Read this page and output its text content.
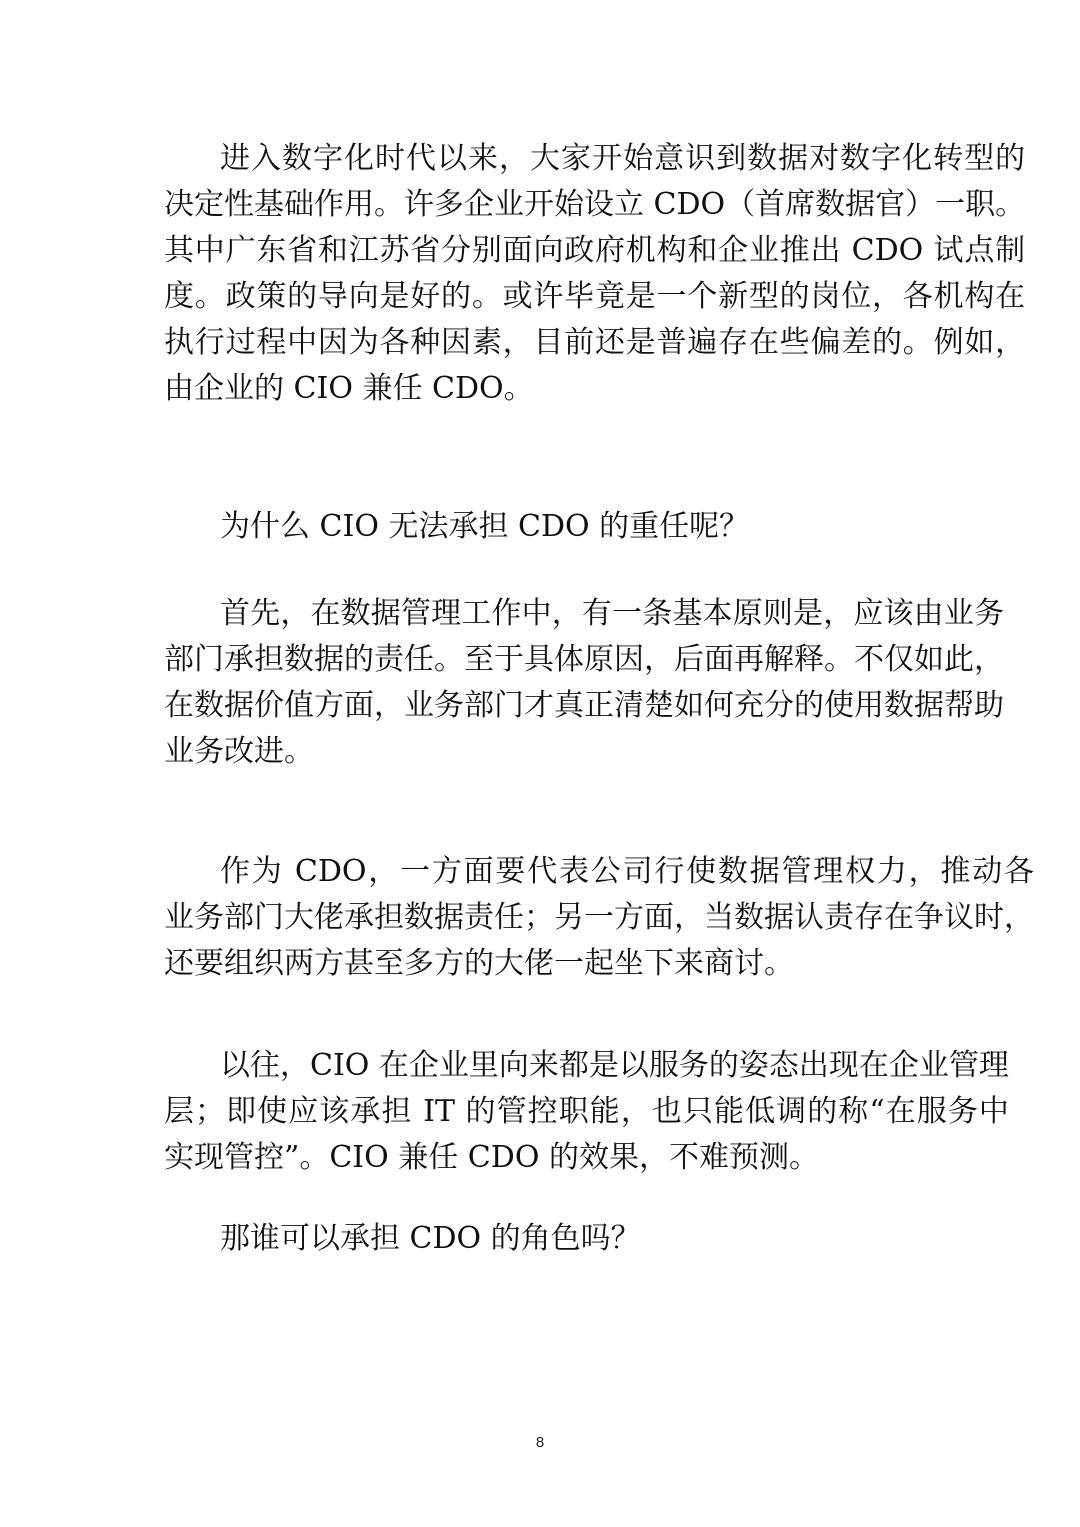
进入数字化时代以来，大家开始意识到数据对数字化转型的
决定性基础作用。许多企业开始设立 CDO（首席数据官）一职。
其中广东省和江苏省分别面向政府机构和企业推出 CDO 试点制
度。政策的导向是好的。或许毕竟是一个新型的岗位，各机构在
执行过程中因为各种因素，目前还是普遍存在些偏差的。例如，
由企业的 CIO 兼任 CDO。

为什么 CIO 无法承担 CDO 的重任呢？

首先，在数据管理工作中，有一条基本原则是，应该由业务
部门承担数据的责任。至于具体原因，后面再解释。不仅如此，
在数据价值方面，业务部门才真正清楚如何充分的使用数据帮助
业务改进。

作为 CDO，一方面要代表公司行使数据管理权力，推动各
业务部门大佬承担数据责任；另一方面，当数据认责存在争议时，
还要组织两方甚至多方的大佬一起坐下来商讨。

以往，CIO 在企业里向来都是以服务的姿态出现在企业管理
层；即使应该承担 IT 的管控职能，也只能低调的称“在服务中
实现管控”。CIO 兼任 CDO 的效果，不难预测。

那谁可以承担 CDO 的角色吗？

8
